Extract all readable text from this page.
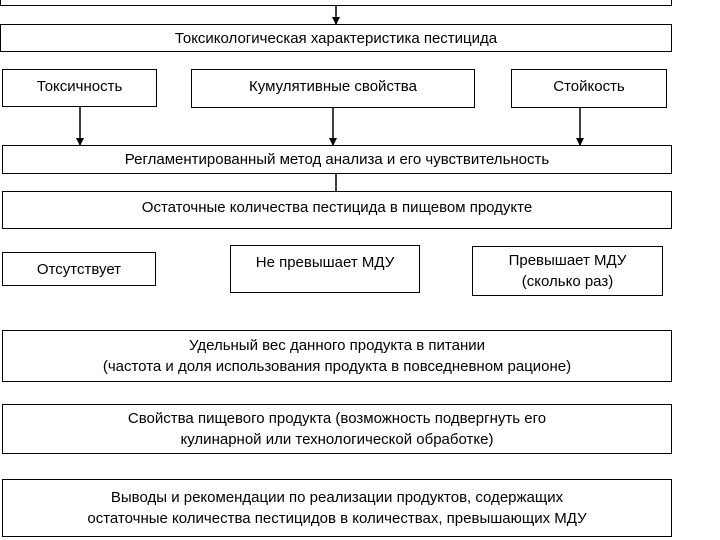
Токсикологическая характеристика пестицида
Токсичность	Кумулятивные свойства	Стойкость
Регламентированный метод анализа и его чувствительность
Остаточные количества пестицида в пищевом продукте
Отсутствует	Не превышает МДУ	Превышает МДУ
(сколько раз)
Удельный вес данного продукта в питании
(частота и доля использования продукта в повседневном рационе)
Свойства пищевого продукта (возможность подвергнуть его
кулинарной или технологической обработке)
Выводы и рекомендации по реализации продуктов, содержащих
остаточные количества пестицидов в количествах, превышающих МДУ
